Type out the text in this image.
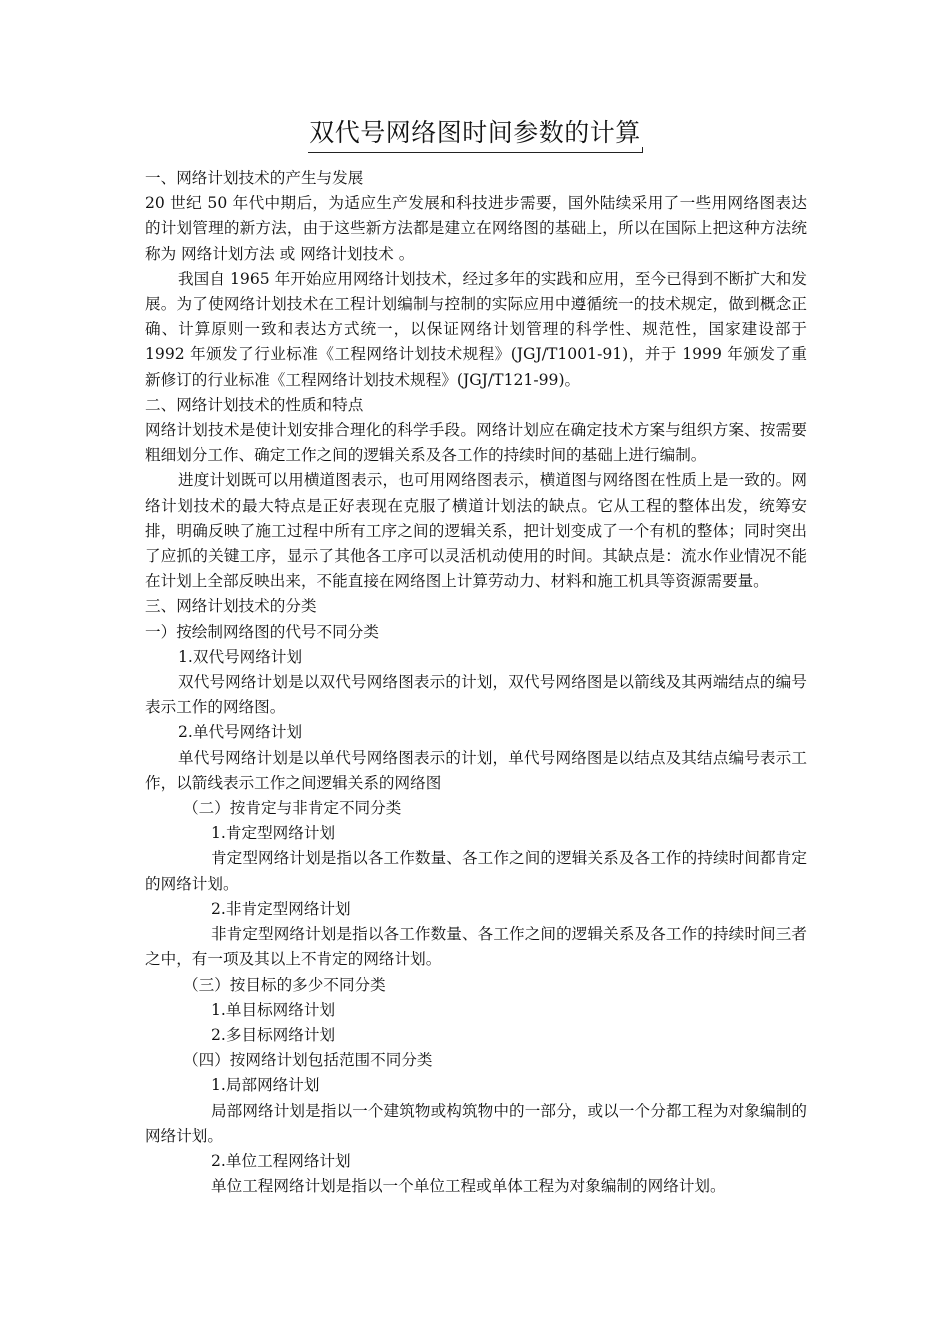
双代号网络图时间参数的计算

一、网络计划技术的产生与发展

20 世纪 50 年代中期后，为适应生产发展和科技进步需要，国外陆续采用了一些用网络图表达的计划管理的新方法，由于这些新方法都是建立在网络图的基础上，所以在国际上把这种方法统称为 网络计划方法 或 网络计划技术 。

我国自 1965 年开始应用网络计划技术，经过多年的实践和应用，至今已得到不断扩大和发展。为了使网络计划技术在工程计划编制与控制的实际应用中遵循统一的技术规定，做到概念正确、计算原则一致和表达方式统一，以保证网络计划管理的科学性、规范性，国家建设部于 1992 年颁发了行业标准《工程网络计划技术规程》(JGJ/T1001-91)，并于 1999 年颁发了重新修订的行业标准《工程网络计划技术规程》(JGJ/T121-99)。

二、网络计划技术的性质和特点

网络计划技术是使计划安排合理化的科学手段。网络计划应在确定技术方案与组织方案、按需要粗细划分工作、确定工作之间的逻辑关系及各工作的持续时间的基础上进行编制。

进度计划既可以用横道图表示，也可用网络图表示，横道图与网络图在性质上是一致的。网络计划技术的最大特点是正好表现在克服了横道计划法的缺点。它从工程的整体出发，统筹安排，明确反映了施工过程中所有工序之间的逻辑关系，把计划变成了一个有机的整体；同时突出了应抓的关键工序，显示了其他各工序可以灵活机动使用的时间。其缺点是：流水作业情况不能在计划上全部反映出来，不能直接在网络图上计算劳动力、材料和施工机具等资源需要量。

三、网络计划技术的分类

一）按绘制网络图的代号不同分类

1.双代号网络计划

双代号网络计划是以双代号网络图表示的计划，双代号网络图是以箭线及其两端结点的编号表示工作的网络图。

2.单代号网络计划

单代号网络计划是以单代号网络图表示的计划，单代号网络图是以结点及其结点编号表示工作，以箭线表示工作之间逻辑关系的网络图

（二）按肯定与非肯定不同分类

1.肯定型网络计划

肯定型网络计划是指以各工作数量、各工作之间的逻辑关系及各工作的持续时间都肯定的网络计划。

2.非肯定型网络计划

非肯定型网络计划是指以各工作数量、各工作之间的逻辑关系及各工作的持续时间三者之中，有一项及其以上不肯定的网络计划。

（三）按目标的多少不同分类

1.单目标网络计划

2.多目标网络计划

（四）按网络计划包括范围不同分类

1.局部网络计划

局部网络计划是指以一个建筑物或构筑物中的一部分，或以一个分都工程为对象编制的网络计划。

2.单位工程网络计划

单位工程网络计划是指以一个单位工程或单体工程为对象编制的网络计划。
